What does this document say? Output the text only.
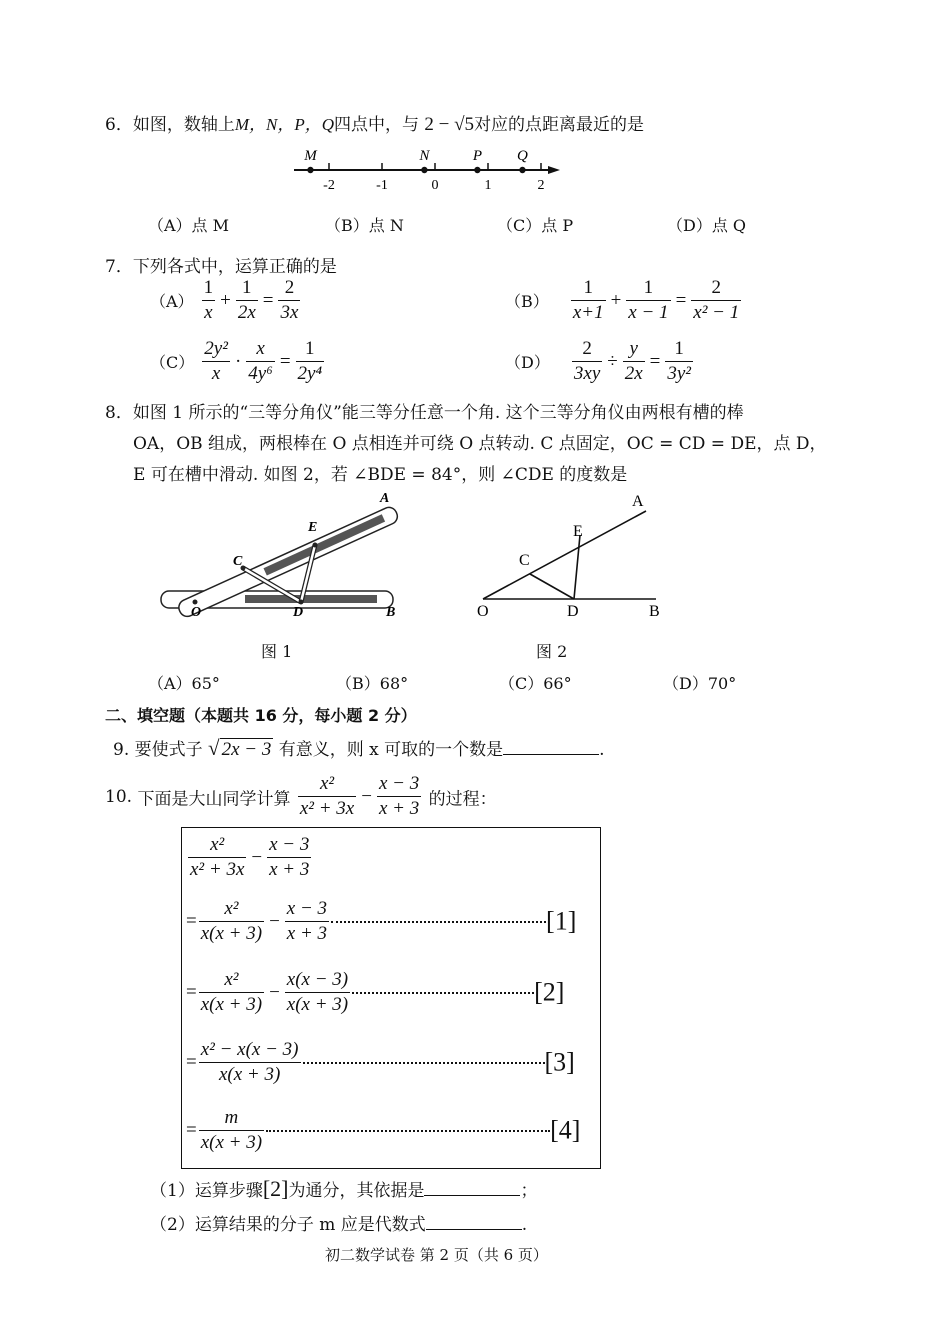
6．如图，数轴上M，N，P，Q四点中，与 2 − √5对应的点距离最近的是
-2	-1	0	1	2
M	N	P Q
（A）点 M	（B）点 N	（C）点 P	（D）点 Q
7．下列各式中，运算正确的是
$(A) \frac{1}{x} + \frac{1}{2x} = \frac{2}{3x}$	$(B) \frac{1}{x+1} + \frac{1}{x - 1} = \frac{2}{\text{x² − 1}}$
$(C) \frac{\text{2y²}}{x} \cdot \frac{x}{\text{4y⁶}} = \frac{1}{\text{2y⁴}}$	$(D) \frac{2}{3xy} \div \frac{y}{2x} = \frac{1}{\text{3y²}}$
8．如图 1 所示的“三等分角仪”能三等分任意一个角. 这个三等分角仪由两根有槽的棒
OA，OB 组成，两根棒在 O 点相连并可绕 O 点转动. C 点固定，OC = CD = DE，点 D，
E 可在槽中滑动. 如图 2，若 ∠BDE = 84°，则 ∠CDE 的度数是
A
E
C
O	D	B
A
E
C
O	D	B
图 1	图 2
（A）65°	（B）68°	（C）66°	（D）70°
二、填空题（本题共 16 分，每小题 2 分）
9. 要使式子 √ 2x − 3 有意义，则 x 可取的一个数是	.
10. 下面是大山同学计算 $\frac{\text{x²}}{\text{x² + 3x}} - \frac{x - 3}{x + 3}$ 的过程：
$\frac{\text{x²}}{\text{x² + 3x}} - \frac{x - 3}{x + 3}$
= $\frac{\text{x²}}{x(x + 3)} - \frac{x - 3}{x + 3}$	[1]
= $\frac{\text{x²}}{x(x + 3)} - \frac{x(x - 3)}{x(x + 3)}$	[2]
= $\frac{\text{x² − x(x − 3)}}{x(x + 3)}$	[3]
= $\frac{m}{x(x + 3)}$	[4]
（1）运算步骤[2]为通分，其依据是	；
（2）运算结果的分子 m 应是代数式	.
初二数学试卷 第 2 页（共 6 页）
